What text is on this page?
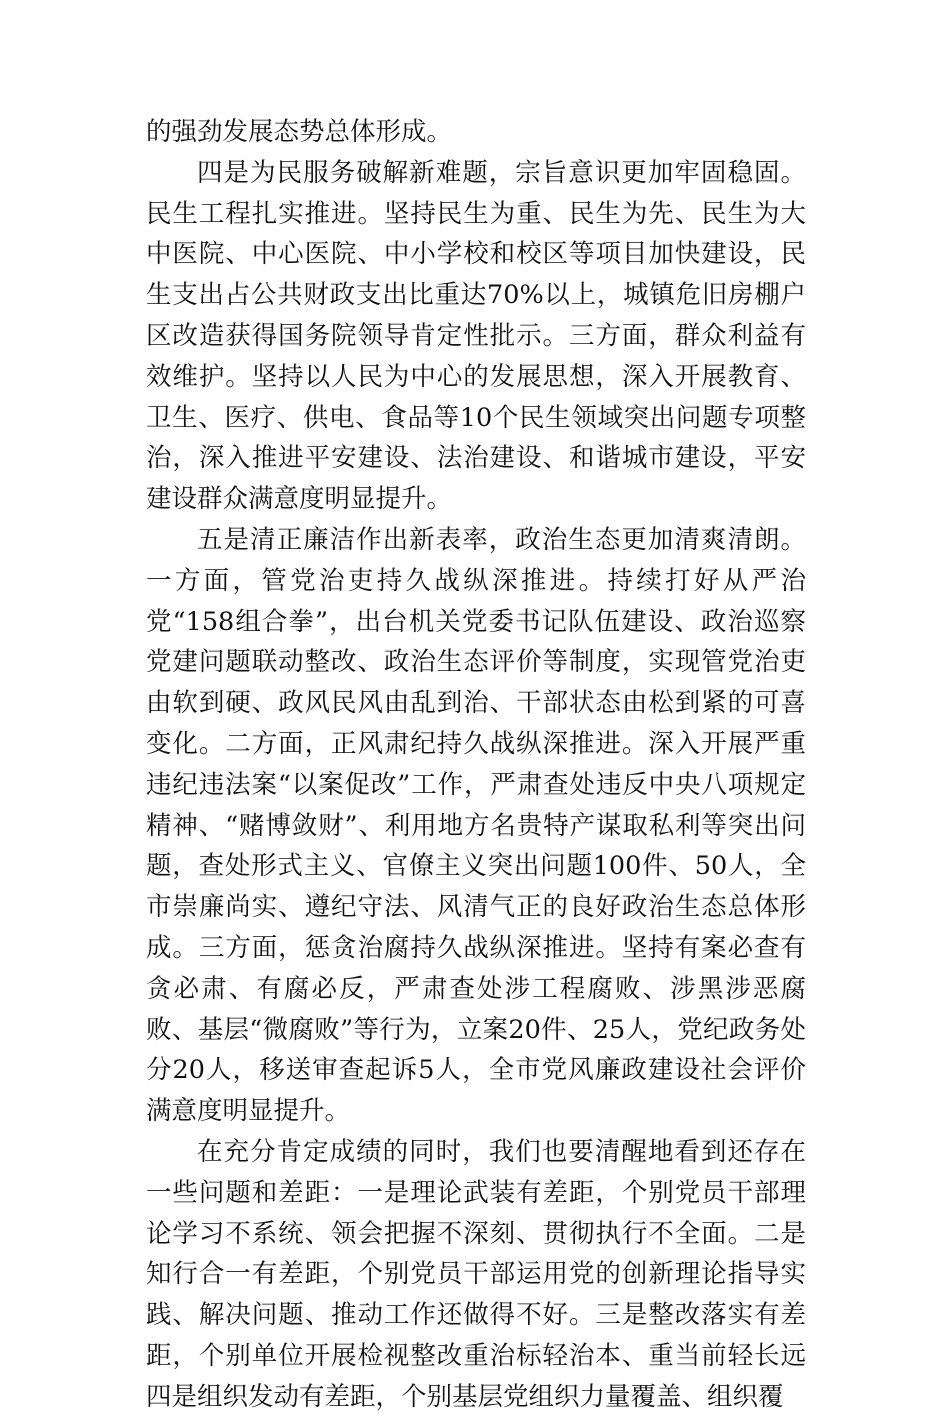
的强劲发展态势总体形成。

四是为民服务破解新难题，宗旨意识更加牢固稳固。民生工程扎实推进。坚持民生为重、民生为先、民生为大中医院、中心医院、中小学校和校区等项目加快建设，民生支出占公共财政支出比重达70%以上，城镇危旧房棚户区改造获得国务院领导肯定性批示。三方面，群众利益有效维护。坚持以人民为中心的发展思想，深入开展教育、卫生、医疗、供电、食品等10个民生领域突出问题专项整治，深入推进平安建设、法治建设、和谐城市建设，平安建设群众满意度明显提升。

五是清正廉洁作出新表率，政治生态更加清爽清朗。一方面，管党治吏持久战纵深推进。持续打好从严治党“158组合拳”，出台机关党委书记队伍建设、政治巡察党建问题联动整改、政治生态评价等制度，实现管党治吏由软到硬、政风民风由乱到治、干部状态由松到紧的可喜变化。二方面，正风肃纪持久战纵深推进。深入开展严重违纪违法案“以案促改”工作，严肃查处违反中央八项规定精神、“赌博敛财”、利用地方名贵特产谋取私利等突出问题，查处形式主义、官僚主义突出问题100件、50人，全市崇廉尚实、遵纪守法、风清气正的良好政治生态总体形成。三方面，惩贪治腐持久战纵深推进。坚持有案必查有贪必肃、有腐必反，严肃查处涉工程腐败、涉黑涉恶腐败、基层“微腐败”等行为，立案20件、25人，党纪政务处分20人，移送审查起诉5人，全市党风廉政建设社会评价满意度明显提升。

在充分肯定成绩的同时，我们也要清醒地看到还存在一些问题和差距：一是理论武装有差距，个别党员干部理论学习不系统、领会把握不深刻、贯彻执行不全面。二是知行合一有差距，个别党员干部运用党的创新理论指导实践、解决问题、推动工作还做得不好。三是整改落实有差距，个别单位开展检视整改重治标轻治本、重当前轻长远四是组织发动有差距，个别基层党组织力量覆盖、组织覆
